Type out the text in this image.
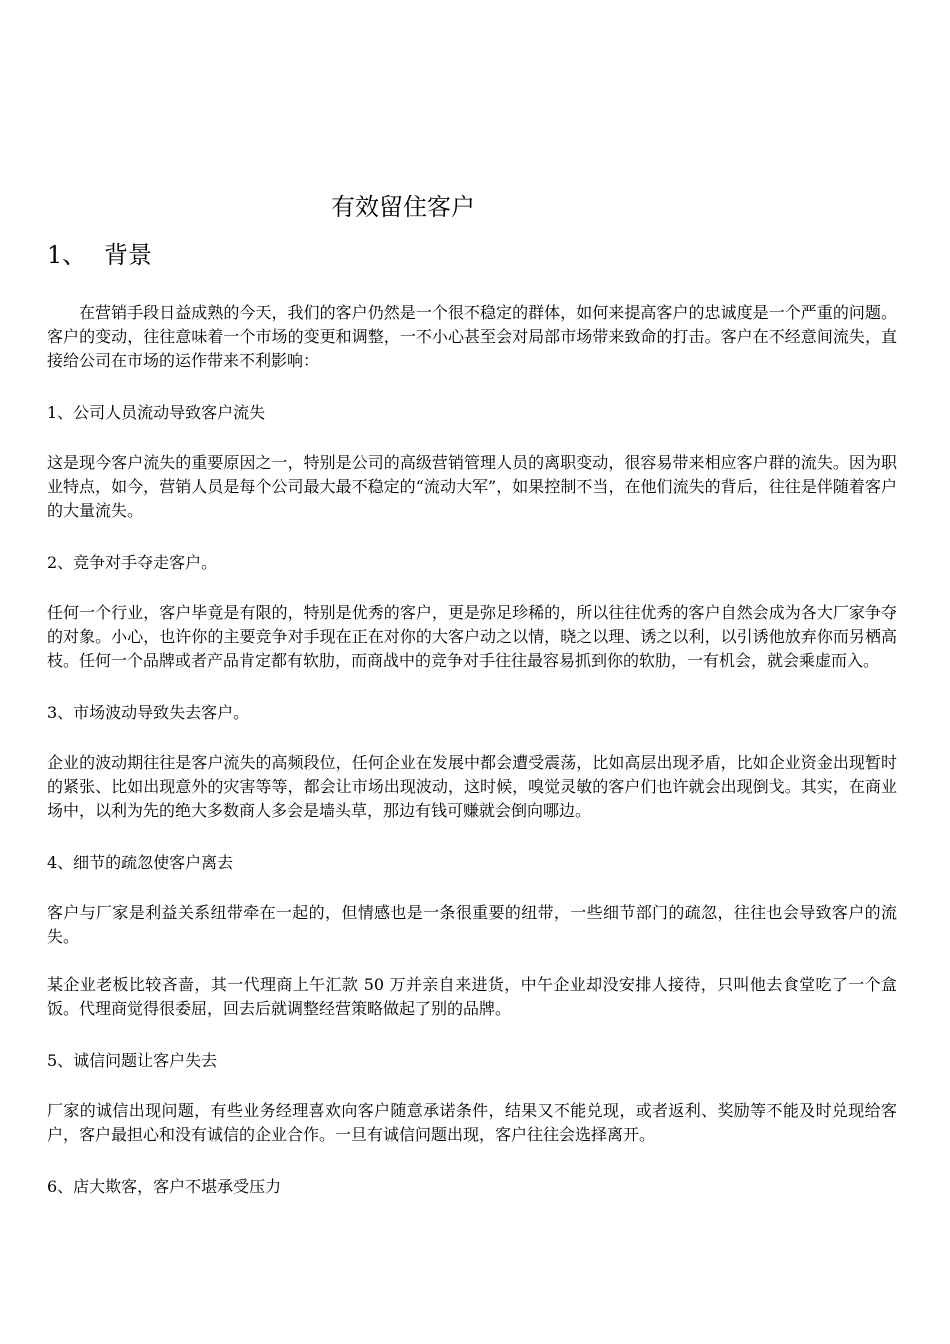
有效留住客户
1、 背景

在营销手段日益成熟的今天，我们的客户仍然是一个很不稳定的群体，如何来提高客户的忠诚度是一个严重的问题。客户的变动，往往意味着一个市场的变更和调整，一不小心甚至会对局部市场带来致命的打击。客户在不经意间流失，直接给公司在市场的运作带来不利影响：

1、公司人员流动导致客户流失

这是现今客户流失的重要原因之一，特别是公司的高级营销管理人员的离职变动，很容易带来相应客户群的流失。因为职业特点，如今，营销人员是每个公司最大最不稳定的“流动大军”，如果控制不当，在他们流失的背后，往往是伴随着客户的大量流失。

2、竞争对手夺走客户。

任何一个行业，客户毕竟是有限的，特别是优秀的客户，更是弥足珍稀的，所以往往优秀的客户自然会成为各大厂家争夺的对象。小心，也许你的主要竞争对手现在正在对你的大客户动之以情，晓之以理、诱之以利，以引诱他放弃你而另栖高枝。任何一个品牌或者产品肯定都有软肋，而商战中的竞争对手往往最容易抓到你的软肋，一有机会，就会乘虚而入。

3、市场波动导致失去客户。

企业的波动期往往是客户流失的高频段位，任何企业在发展中都会遭受震荡，比如高层出现矛盾，比如企业资金出现暂时的紧张、比如出现意外的灾害等等，都会让市场出现波动，这时候，嗅觉灵敏的客户们也许就会出现倒戈。其实，在商业场中，以利为先的绝大多数商人多会是墙头草，那边有钱可赚就会倒向哪边。

4、细节的疏忽使客户离去

客户与厂家是利益关系纽带牵在一起的，但情感也是一条很重要的纽带，一些细节部门的疏忽，往往也会导致客户的流失。

某企业老板比较吝啬，其一代理商上午汇款 50 万并亲自来进货，中午企业却没安排人接待，只叫他去食堂吃了一个盒饭。代理商觉得很委屈，回去后就调整经营策略做起了别的品牌。

5、诚信问题让客户失去

厂家的诚信出现问题，有些业务经理喜欢向客户随意承诺条件，结果又不能兑现，或者返利、奖励等不能及时兑现给客户，客户最担心和没有诚信的企业合作。一旦有诚信问题出现，客户往往会选择离开。

6、店大欺客，客户不堪承受压力
